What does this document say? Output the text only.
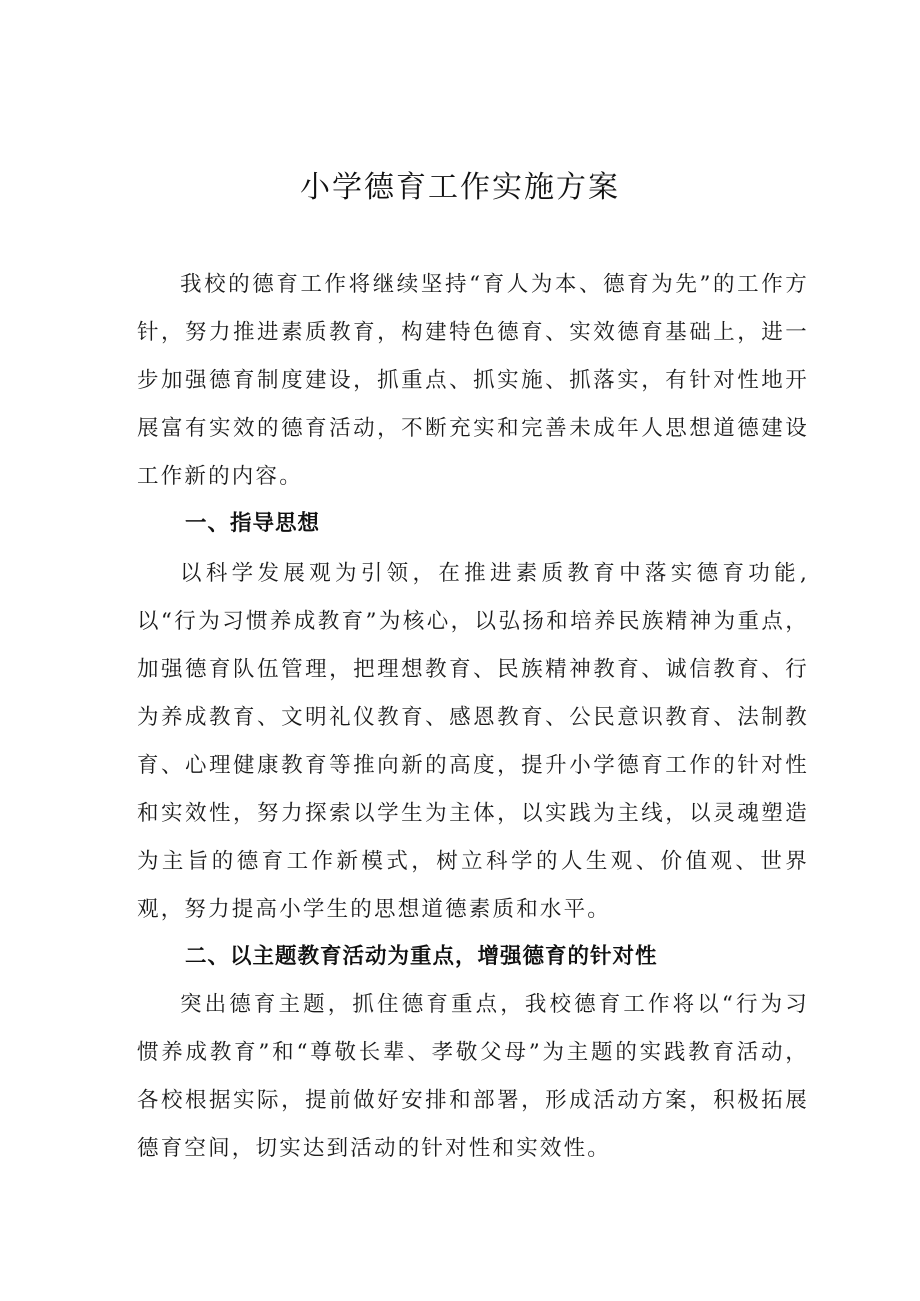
小学德育工作实施方案

我校的德育工作将继续坚持“育人为本、德育为先”的工作方针，努力推进素质教育，构建特色德育、实效德育基础上，进一步加强德育制度建设，抓重点、抓实施、抓落实，有针对性地开展富有实效的德育活动，不断充实和完善未成年人思想道德建设工作新的内容。

一、指导思想

以科学发展观为引领，在推进素质教育中落实德育功能,以“行为习惯养成教育”为核心，以弘扬和培养民族精神为重点，加强德育队伍管理，把理想教育、民族精神教育、诚信教育、行为养成教育、文明礼仪教育、感恩教育、公民意识教育、法制教育、心理健康教育等推向新的高度，提升小学德育工作的针对性和实效性，努力探索以学生为主体，以实践为主线，以灵魂塑造为主旨的德育工作新模式，树立科学的人生观、价值观、世界观，努力提高小学生的思想道德素质和水平。

二、以主题教育活动为重点，增强德育的针对性

突出德育主题，抓住德育重点，我校德育工作将以“行为习惯养成教育”和“尊敬长辈、孝敬父母”为主题的实践教育活动，各校根据实际，提前做好安排和部署，形成活动方案，积极拓展德育空间，切实达到活动的针对性和实效性。
